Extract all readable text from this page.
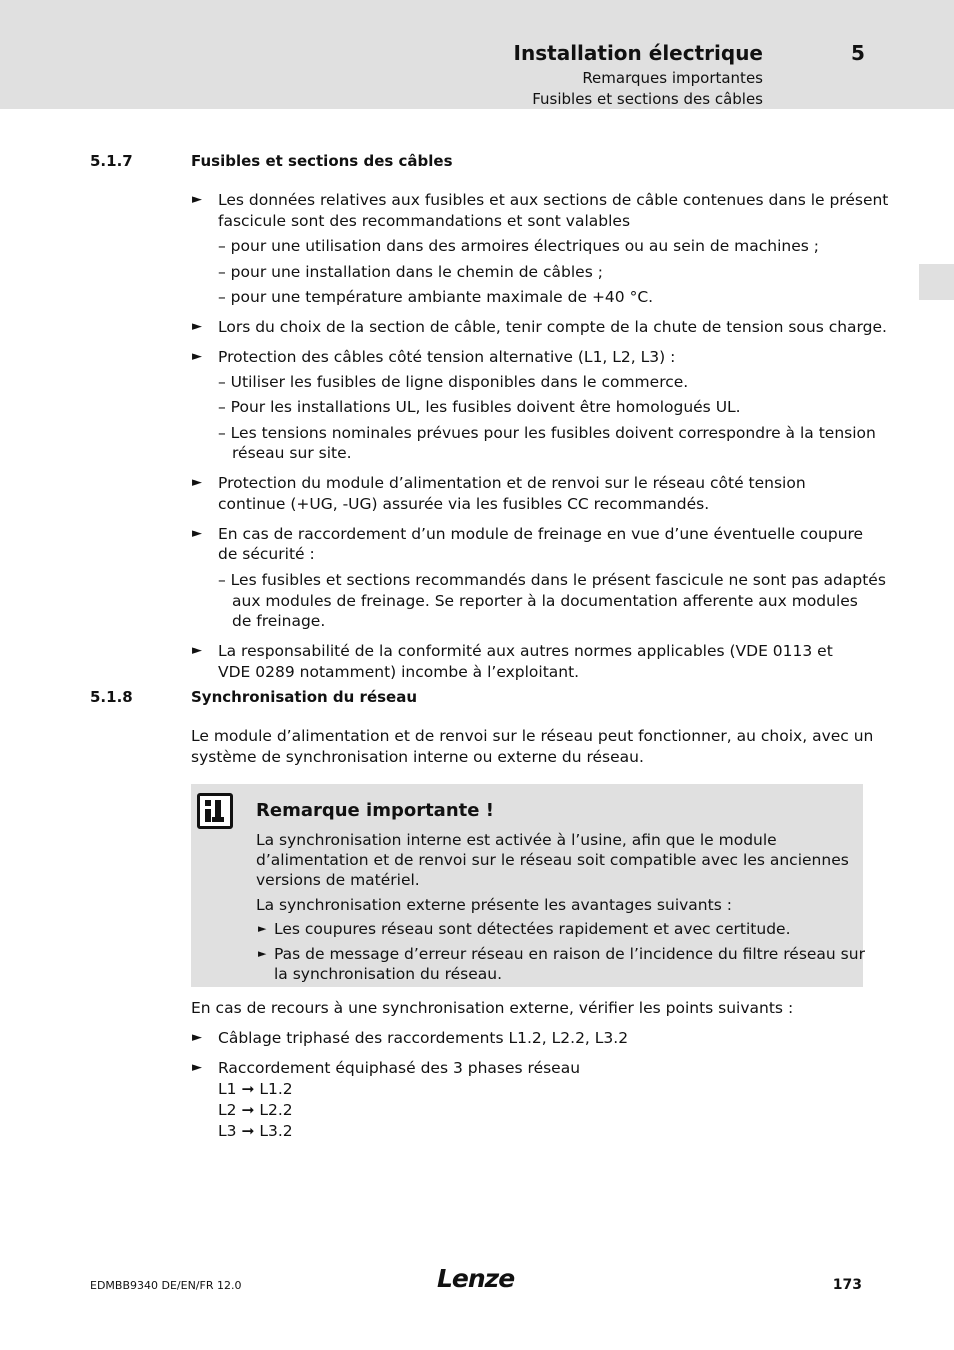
Installation électrique	5
Remarques importantes
Fusibles et sections des câbles
5.1.7	Fusibles et sections des câbles
► Les données relatives aux fusibles et aux sections de câble contenues dans le présent
fascicule sont des recommandations et sont valables
– pour une utilisation dans des armoires électriques ou au sein de machines ;
– pour une installation dans le chemin de câbles ;
– pour une température ambiante maximale de +40 °C.
► Lors du choix de la section de câble, tenir compte de la chute de tension sous charge.
► Protection des câbles côté tension alternative (L1, L2, L3) :
– Utiliser les fusibles de ligne disponibles dans le commerce.
– Pour les installations UL, les fusibles doivent être homologués UL.
– Les tensions nominales prévues pour les fusibles doivent correspondre à la tension
réseau sur site.
► Protection du module d’alimentation et de renvoi sur le réseau côté tension
continue (+UG, -UG) assurée via les fusibles CC recommandés.
► En cas de raccordement d’un module de freinage en vue d’une éventuelle coupure
de sécurité :
– Les fusibles et sections recommandés dans le présent fascicule ne sont pas adaptés
aux modules de freinage. Se reporter à la documentation afferente aux modules
de freinage.
► La responsabilité de la conformité aux autres normes applicables (VDE 0113 et
VDE 0289 notamment) incombe à l’exploitant.
5.1.8	Synchronisation du réseau
Le module d’alimentation et de renvoi sur le réseau peut fonctionner, au choix, avec un
système de synchronisation interne ou externe du réseau.
Remarque importante !
La synchronisation interne est activée à l’usine, afin que le module
d’alimentation et de renvoi sur le réseau soit compatible avec les anciennes
versions de matériel.
La synchronisation externe présente les avantages suivants :
► Les coupures réseau sont détectées rapidement et avec certitude.
► Pas de message d’erreur réseau en raison de l’incidence du filtre réseau sur
la synchronisation du réseau.
En cas de recours à une synchronisation externe, vérifier les points suivants :
► Câblage triphasé des raccordements L1.2, L2.2, L3.2
► Raccordement équiphasé des 3 phases réseau
L1 ➞ L1.2
L2 ➞ L2.2
L3 ➞ L3.2
EDMBB9340 DE/EN/FR 12.0	Lenze	173
